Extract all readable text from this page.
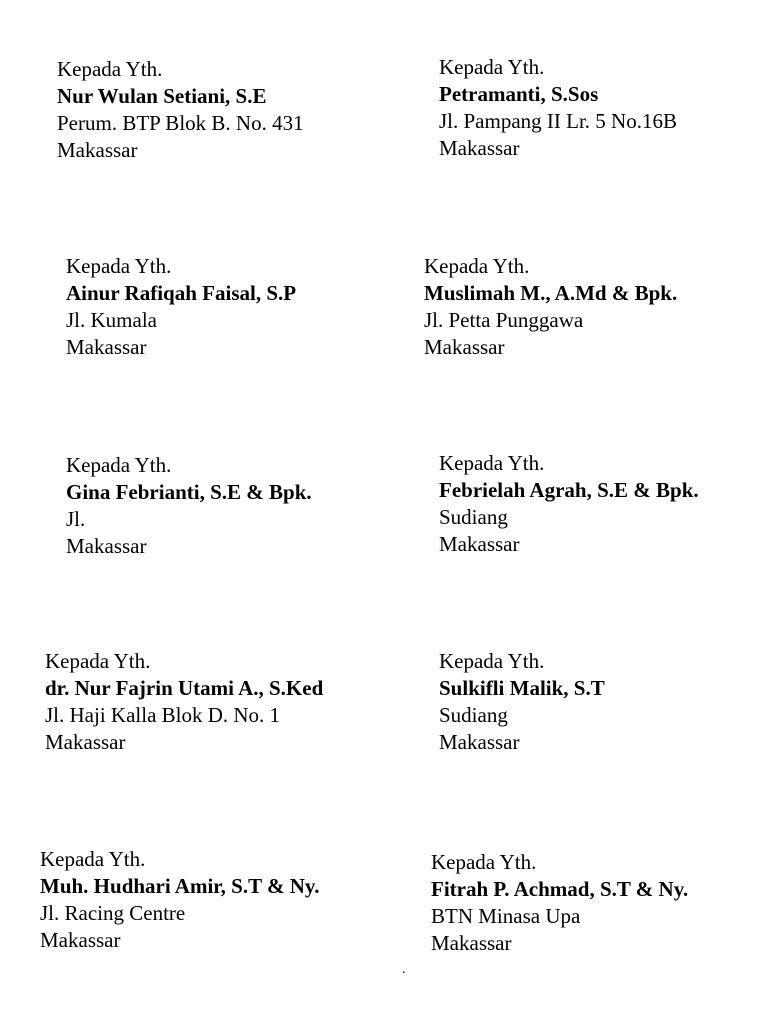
Kepada Yth.
Nur Wulan Setiani, S.E
Perum. BTP Blok B. No. 431
Makassar
Kepada Yth.
Petramanti, S.Sos
Jl. Pampang II Lr. 5 No.16B
Makassar
Kepada Yth.
Ainur Rafiqah Faisal, S.P
Jl. Kumala
Makassar
Kepada Yth.
Muslimah M., A.Md & Bpk.
Jl. Petta Punggawa
Makassar
Kepada Yth.
Gina Febrianti, S.E & Bpk.
Jl.
Makassar
Kepada Yth.
Febrielah Agrah, S.E & Bpk.
Sudiang
Makassar
Kepada Yth.
dr. Nur Fajrin Utami A., S.Ked
Jl. Haji Kalla Blok D. No. 1
Makassar
Kepada Yth.
Sulkifli Malik, S.T
Sudiang
Makassar
Kepada Yth.
Muh. Hudhari Amir, S.T & Ny.
Jl. Racing Centre
Makassar
Kepada Yth.
Fitrah P. Achmad, S.T & Ny.
BTN Minasa Upa
Makassar
.
